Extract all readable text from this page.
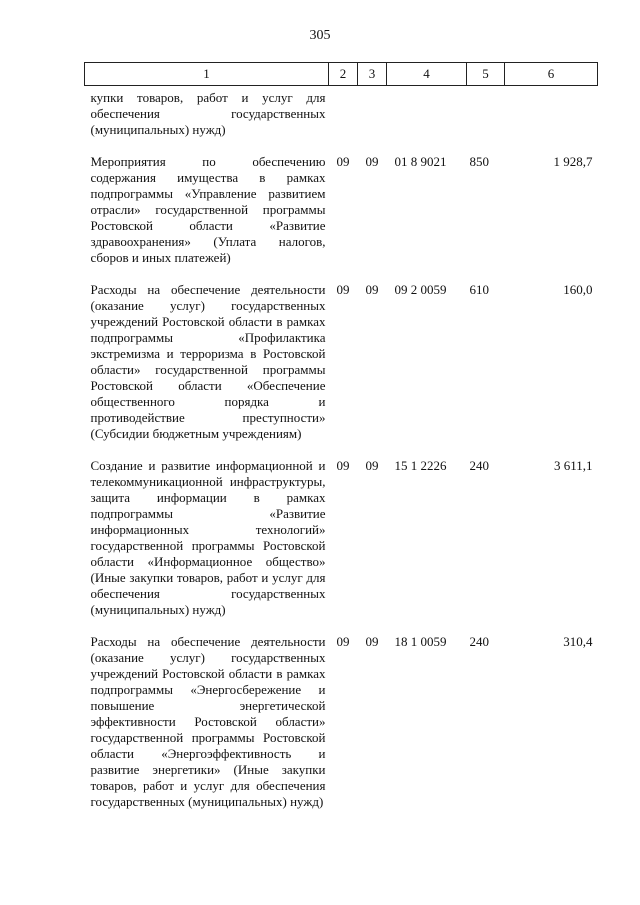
305
1	2	3	4	5	6
купки товаров, работ и услуг для обеспечения государственных (муниципальных) нужд)					
Мероприятия по обеспечению содержания имущества в рамках подпрограммы «Управление развитием отрасли» государственной программы Ростовской области «Развитие здравоохранения» (Уплата налогов, сборов и иных платежей)	09	09	01 8 9021	850	1 928,7
Расходы на обеспечение деятельности (оказание услуг) государственных учреждений Ростовской области в рамках подпрограммы «Профилактика экстремизма и терроризма в Ростовской области» государственной программы Ростовской области «Обеспечение общественного порядка и противодействие преступности» (Субсидии бюджетным учреждениям)	09	09	09 2 0059	610	160,0
Создание и развитие информационной и телекоммуникационной инфраструктуры, защита информации в рамках подпрограммы «Развитие информационных технологий» государственной программы Ростовской области «Информационное общество» (Иные закупки товаров, работ и услуг для обеспечения государственных (муниципальных) нужд)	09	09	15 1 2226	240	3 611,1
Расходы на обеспечение деятельности (оказание услуг) государственных учреждений Ростовской области в рамках подпрограммы «Энергосбережение и повышение энергетической эффективности Ростовской области» государственной программы Ростовской области «Энергоэффективность и развитие энергетики» (Иные закупки товаров, работ и услуг для обеспечения государственных (муниципальных) нужд)	09	09	18 1 0059	240	310,4
